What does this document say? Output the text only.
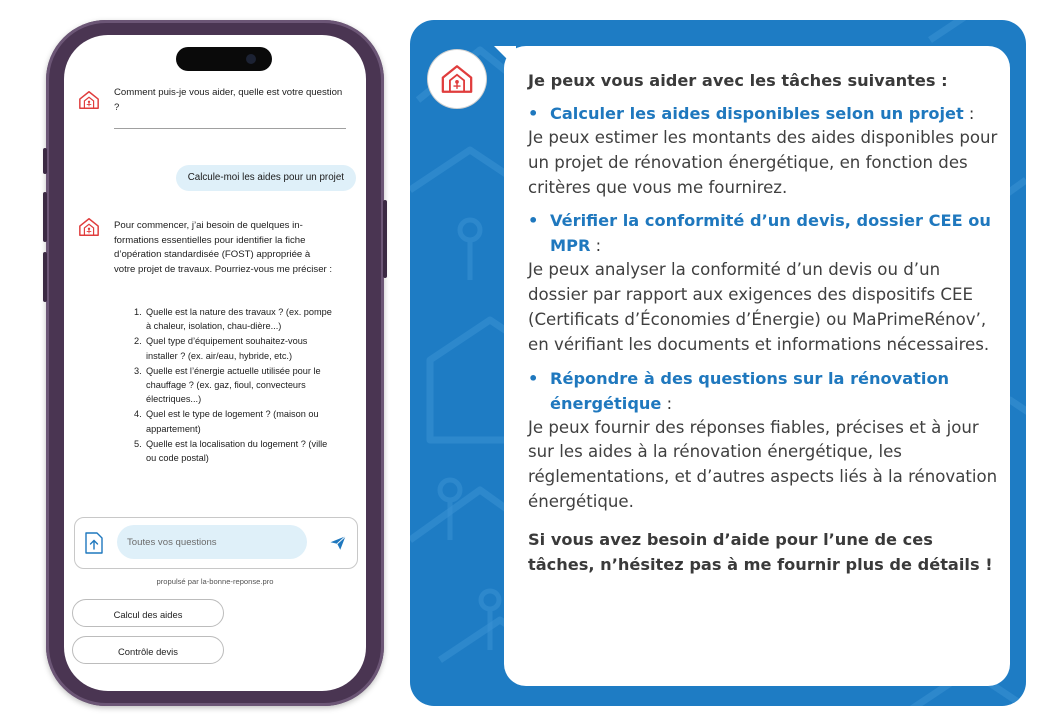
Comment puis-je vous aider, quelle est votre question ?
Calcule-moi les aides pour un projet
Pour commencer, j’ai besoin de quelques in-formations essentielles pour identifier la fiche d’opération standardisée (FOST) appropriée à votre projet de travaux. Pourriez-vous me préciser :
1. Quelle est la nature des travaux ? (ex. pompe à chaleur, isolation, chau-dière...)
2. Quel type d’équipement souhaitez-vous installer ? (ex. air/eau, hybride, etc.)
3. Quelle est l’énergie actuelle utilisée pour le chauffage ? (ex. gaz, fioul, convecteurs électriques...)
4. Quel est le type de logement ? (maison ou appartement)
5. Quelle est la localisation du logement ? (ville ou code postal)
Toutes vos questions
propulsé par la-bonne-reponse.pro
Calcul des aides
Contrôle devis
Je peux vous aider avec les tâches suivantes :
• Calculer les aides disponibles selon un projet :
Je peux estimer les montants des aides disponibles pour un projet de rénovation énergétique, en fonction des critères que vous me fournirez.
• Vérifier la conformité d’un devis, dossier CEE ou MPR :
Je peux analyser la conformité d’un devis ou d’un dossier par rapport aux exigences des dispositifs CEE (Certificats d’Économies d’Énergie) ou MaPrimeRénov’, en vérifiant les documents et informations nécessaires.
• Répondre à des questions sur la rénovation énergétique :
Je peux fournir des réponses fiables, précises et à jour sur les aides à la rénovation énergétique, les réglementations, et d’autres aspects liés à la rénovation énergétique.
Si vous avez besoin d’aide pour l’une de ces tâches, n’hésitez pas à me fournir plus de détails !
